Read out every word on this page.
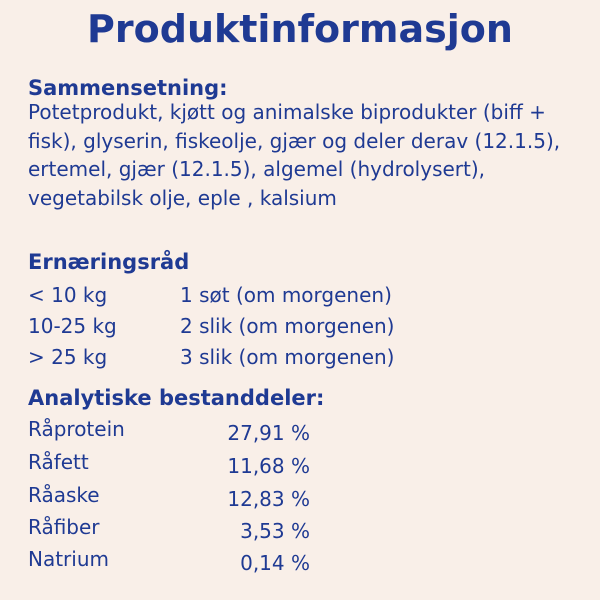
Produktinformasjon
Sammensetning:
Potetprodukt, kjøtt og animalske biprodukter (biff + fisk), glyserin, fiskeolje, gjær og deler derav (12.1.5), ertemel, gjær (12.1.5), algemel (hydrolysert), vegetabilsk olje, eple , kalsium
Ernæringsråd
< 10 kg	1 søt (om morgenen)
10-25 kg	2 slik (om morgenen)
> 25 kg	3 slik (om morgenen)
Analytiske bestanddeler:
Råprotein	27,91 %
Råfett	11,68 %
Råaske	12,83 %
Råfiber	3,53 %
Natrium	0,14 %
